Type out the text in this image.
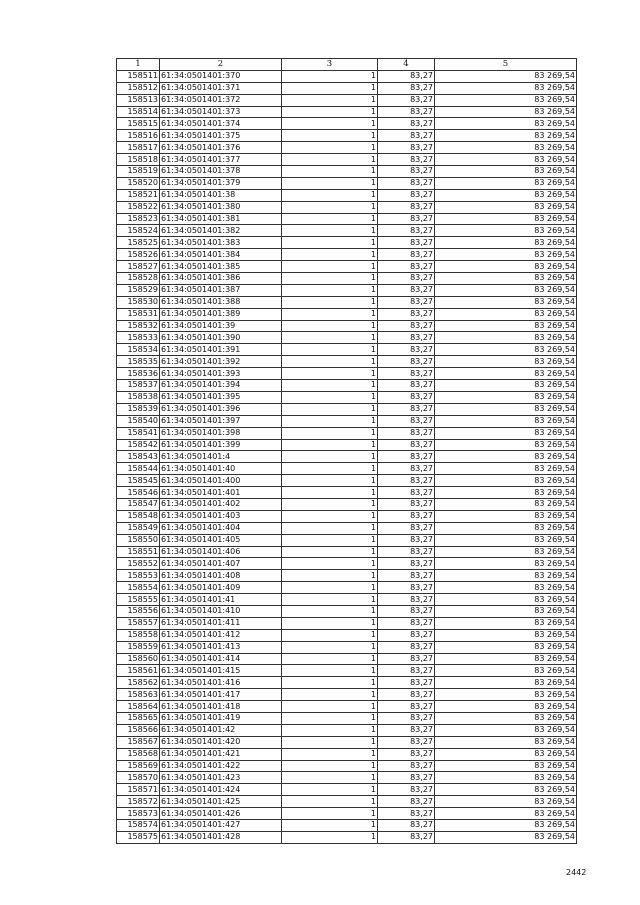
1	2	3	4	5
158511	61:34:0501401:370	1	83,27	83 269,54
158512	61:34:0501401:371	1	83,27	83 269,54
158513	61:34:0501401:372	1	83,27	83 269,54
158514	61:34:0501401:373	1	83,27	83 269,54
158515	61:34:0501401:374	1	83,27	83 269,54
158516	61:34:0501401:375	1	83,27	83 269,54
158517	61:34:0501401:376	1	83,27	83 269,54
158518	61:34:0501401:377	1	83,27	83 269,54
158519	61:34:0501401:378	1	83,27	83 269,54
158520	61:34:0501401:379	1	83,27	83 269,54
158521	61:34:0501401:38	1	83,27	83 269,54
158522	61:34:0501401:380	1	83,27	83 269,54
158523	61:34:0501401:381	1	83,27	83 269,54
158524	61:34:0501401:382	1	83,27	83 269,54
158525	61:34:0501401:383	1	83,27	83 269,54
158526	61:34:0501401:384	1	83,27	83 269,54
158527	61:34:0501401:385	1	83,27	83 269,54
158528	61:34:0501401:386	1	83,27	83 269,54
158529	61:34:0501401:387	1	83,27	83 269,54
158530	61:34:0501401:388	1	83,27	83 269,54
158531	61:34:0501401:389	1	83,27	83 269,54
158532	61:34:0501401:39	1	83,27	83 269,54
158533	61:34:0501401:390	1	83,27	83 269,54
158534	61:34:0501401:391	1	83,27	83 269,54
158535	61:34:0501401:392	1	83,27	83 269,54
158536	61:34:0501401:393	1	83,27	83 269,54
158537	61:34:0501401:394	1	83,27	83 269,54
158538	61:34:0501401:395	1	83,27	83 269,54
158539	61:34:0501401:396	1	83,27	83 269,54
158540	61:34:0501401:397	1	83,27	83 269,54
158541	61:34:0501401:398	1	83,27	83 269,54
158542	61:34:0501401:399	1	83,27	83 269,54
158543	61:34:0501401:4	1	83,27	83 269,54
158544	61:34:0501401:40	1	83,27	83 269,54
158545	61:34:0501401:400	1	83,27	83 269,54
158546	61:34:0501401:401	1	83,27	83 269,54
158547	61:34:0501401:402	1	83,27	83 269,54
158548	61:34:0501401:403	1	83,27	83 269,54
158549	61:34:0501401:404	1	83,27	83 269,54
158550	61:34:0501401:405	1	83,27	83 269,54
158551	61:34:0501401:406	1	83,27	83 269,54
158552	61:34:0501401:407	1	83,27	83 269,54
158553	61:34:0501401:408	1	83,27	83 269,54
158554	61:34:0501401:409	1	83,27	83 269,54
158555	61:34:0501401:41	1	83,27	83 269,54
158556	61:34:0501401:410	1	83,27	83 269,54
158557	61:34:0501401:411	1	83,27	83 269,54
158558	61:34:0501401:412	1	83,27	83 269,54
158559	61:34:0501401:413	1	83,27	83 269,54
158560	61:34:0501401:414	1	83,27	83 269,54
158561	61:34:0501401:415	1	83,27	83 269,54
158562	61:34:0501401:416	1	83,27	83 269,54
158563	61:34:0501401:417	1	83,27	83 269,54
158564	61:34:0501401:418	1	83,27	83 269,54
158565	61:34:0501401:419	1	83,27	83 269,54
158566	61:34:0501401:42	1	83,27	83 269,54
158567	61:34:0501401:420	1	83,27	83 269,54
158568	61:34:0501401:421	1	83,27	83 269,54
158569	61:34:0501401:422	1	83,27	83 269,54
158570	61:34:0501401:423	1	83,27	83 269,54
158571	61:34:0501401:424	1	83,27	83 269,54
158572	61:34:0501401:425	1	83,27	83 269,54
158573	61:34:0501401:426	1	83,27	83 269,54
158574	61:34:0501401:427	1	83,27	83 269,54
158575	61:34:0501401:428	1	83,27	83 269,54
2442
